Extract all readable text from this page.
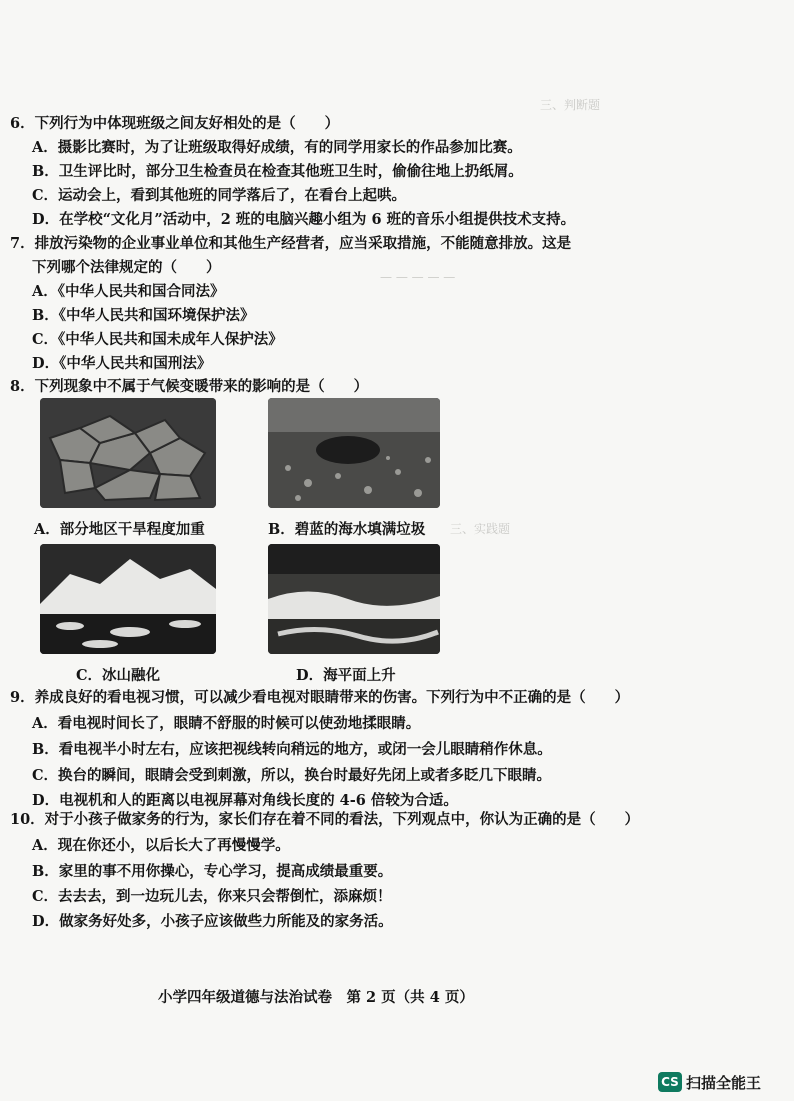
三、判断题
— — — — —
三、实践题
6．下列行为中体现班级之间友好相处的是（　　）
A．摄影比赛时，为了让班级取得好成绩，有的同学用家长的作品参加比赛。
B．卫生评比时，部分卫生检查员在检查其他班卫生时，偷偷往地上扔纸屑。
C．运动会上，看到其他班的同学落后了，在看台上起哄。
D．在学校“文化月”活动中，2 班的电脑兴趣小组为 6 班的音乐小组提供技术支持。
7．排放污染物的企业事业单位和其他生产经营者，应当采取措施，不能随意排放。这是
下列哪个法律规定的（　　）
A．《中华人民共和国合同法》
B．《中华人民共和国环境保护法》
C．《中华人民共和国未成年人保护法》
D．《中华人民共和国刑法》
8．下列现象中不属于气候变暖带来的影响的是（　　）
A．部分地区干旱程度加重	B．碧蓝的海水填满垃圾
C．冰山融化	D．海平面上升
9．养成良好的看电视习惯，可以减少看电视对眼睛带来的伤害。下列行为中不正确的是（　　）
A．看电视时间长了，眼睛不舒服的时候可以使劲地揉眼睛。
B．看电视半小时左右，应该把视线转向稍远的地方，或闭一会儿眼睛稍作休息。
C．换台的瞬间，眼睛会受到刺激，所以，换台时最好先闭上或者多眨几下眼睛。
D．电视机和人的距离以电视屏幕对角线长度的 4-6 倍较为合适。
10．对于小孩子做家务的行为，家长们存在着不同的看法，下列观点中，你认为正确的是（　　）
A．现在你还小，以后长大了再慢慢学。
B．家里的事不用你操心，专心学习，提高成绩最重要。
C．去去去，到一边玩儿去，你来只会帮倒忙，添麻烦！
D．做家务好处多，小孩子应该做些力所能及的家务活。
小学四年级道德与法治试卷　第 2 页（共 4 页）
CS 扫描全能王
